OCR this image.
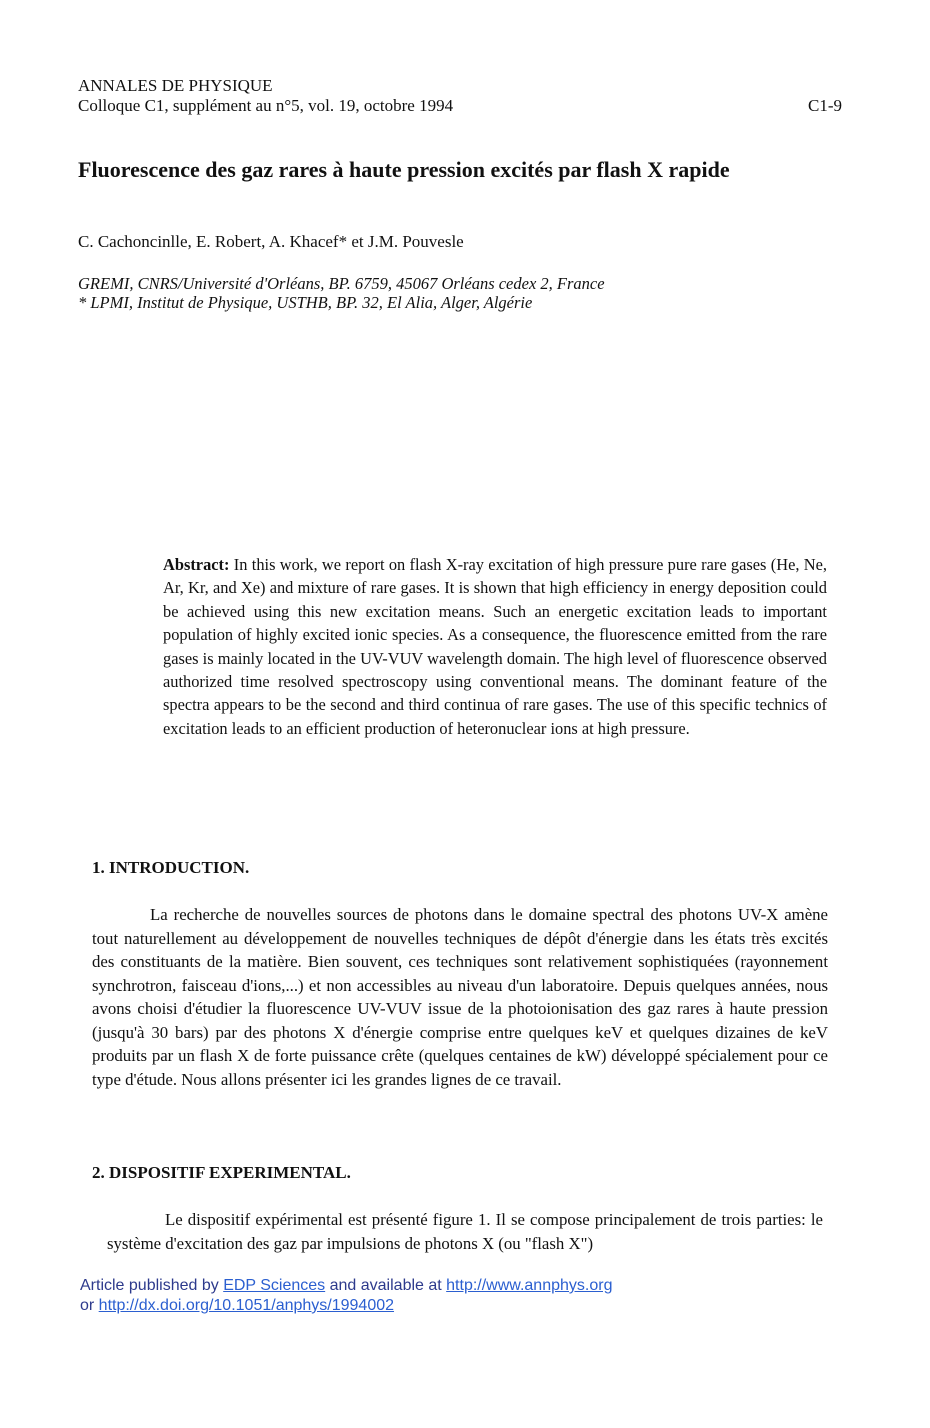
ANNALES DE PHYSIQUE
Colloque C1, supplément au n°5, vol. 19, octobre 1994	C1-9
Fluorescence des gaz rares à haute pression excités par flash X rapide
C. Cachoncinlle, E. Robert, A. Khacef* et J.M. Pouvesle
GREMI, CNRS/Université d'Orléans, BP. 6759, 45067 Orléans cedex 2, France
* LPMI, Institut de Physique, USTHB, BP. 32, El Alia, Alger, Algérie
Abstract: In this work, we report on flash X-ray excitation of high pressure pure rare gases (He, Ne, Ar, Kr, and Xe) and mixture of rare gases. It is shown that high efficiency in energy deposition could be achieved using this new excitation means. Such an energetic excitation leads to important population of highly excited ionic species. As a consequence, the fluorescence emitted from the rare gases is mainly located in the UV-VUV wavelength domain. The high level of fluorescence observed authorized time resolved spectroscopy using conventional means. The dominant feature of the spectra appears to be the second and third continua of rare gases. The use of this specific technics of excitation leads to an efficient production of heteronuclear ions at high pressure.
1. INTRODUCTION.
La recherche de nouvelles sources de photons dans le domaine spectral des photons UV-X amène tout naturellement au développement de nouvelles techniques de dépôt d'énergie dans les états très excités des constituants de la matière. Bien souvent, ces techniques sont relativement sophistiquées (rayonnement synchrotron, faisceau d'ions,...) et non accessibles au niveau d'un laboratoire. Depuis quelques années, nous avons choisi d'étudier la fluorescence UV-VUV issue de la photoionisation des gaz rares à haute pression (jusqu'à 30 bars) par des photons X d'énergie comprise entre quelques keV et quelques dizaines de keV produits par un flash X de forte puissance crête (quelques centaines de kW) développé spécialement pour ce type d'étude. Nous allons présenter ici les grandes lignes de ce travail.
2. DISPOSITIF EXPERIMENTAL.
Le dispositif expérimental est présenté figure 1. Il se compose principalement de trois parties: le système d'excitation des gaz par impulsions de photons X (ou "flash X")
Article published by EDP Sciences and available at http://www.annphys.org
or http://dx.doi.org/10.1051/anphys/1994002
